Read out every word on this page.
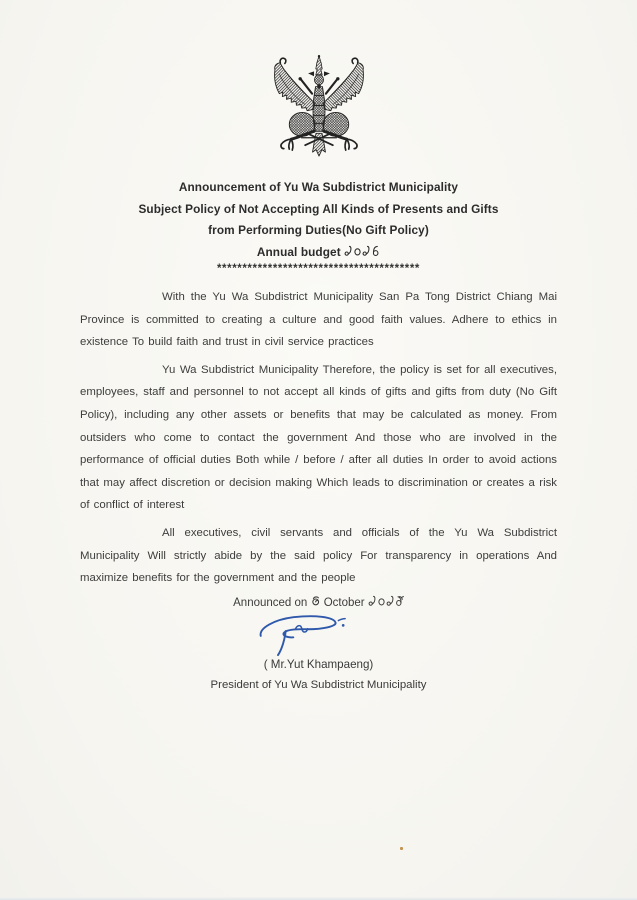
Announcement of Yu Wa Subdistrict Municipality
Subject Policy of Not Accepting All Kinds of Presents and Gifts
from Performing Duties(No Gift Policy)
Annual budget
****************************************

With the Yu Wa Subdistrict Municipality San Pa Tong District Chiang Mai Province is committed to creating a culture and good faith values. Adhere to ethics in existence To build faith and trust in civil service practices

Yu Wa Subdistrict Municipality Therefore, the policy is set for all executives, employees, staff and personnel to not accept all kinds of gifts and gifts from duty (No Gift Policy), including any other assets or benefits that may be calculated as money. From outsiders who come to contact the government And those who are involved in the performance of official duties Both while / before / after all duties In order to avoid actions that may affect discretion or decision making Which leads to discrimination or creates a risk of conflict of interest

All executives, civil servants and officials of the Yu Wa Subdistrict Municipality Will strictly abide by the said policy For transparency in operations And maximize benefits for the government and the people

Announced on October
( Mr.Yut Khampaeng)
President of Yu Wa Subdistrict Municipality
